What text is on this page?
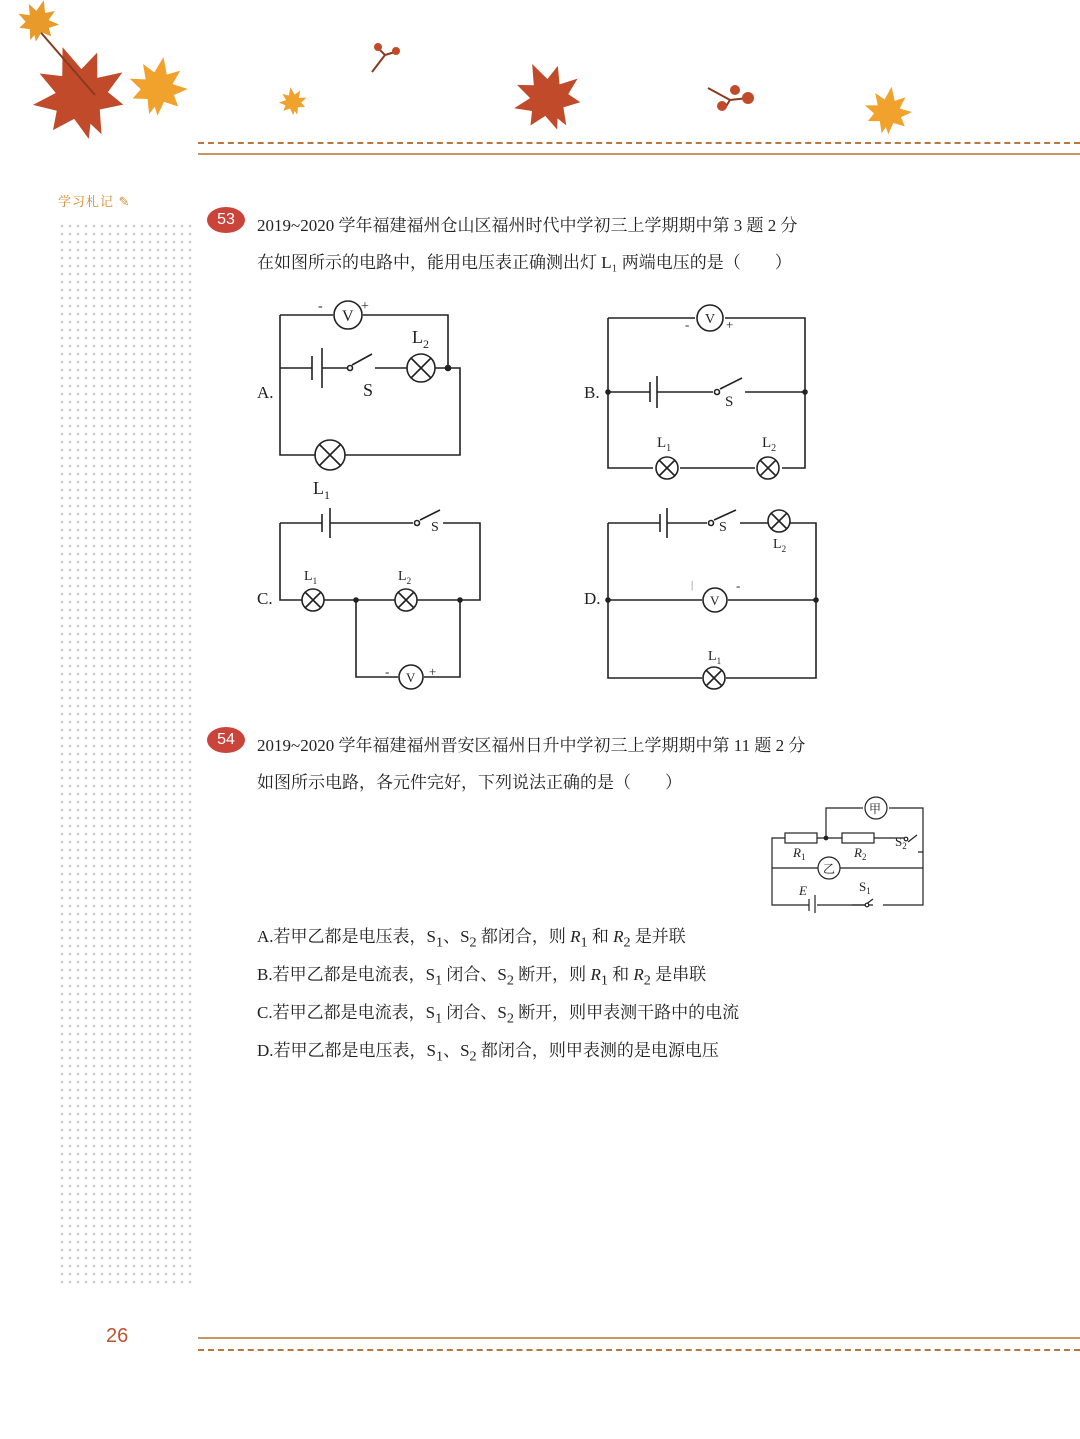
学习札记 ✎
53	2019~2020 学年福建福州仓山区福州时代中学初三上学期期中第 3 题 2 分
在如图所示的电路中，能用电压表正确测出灯 L₁ 两端电压的是（　　）
A.
V
-	+
S
$L_2$
$L_1$
B.
V
-	+
S
$L_1$	$L_2$
C.
V
-	+
S
$L_1$	$L_2$
D.	V
-
|
S
$L_1$
$L_2$
54	2019~2020 学年福建福州晋安区福州日升中学初三上学期期中第 11 题 2 分
如图所示电路，各元件完好，下列说法正确的是（　　）
甲
乙
$R_1$	$R_2$
$S_2$
$S_1$
E
A.若甲乙都是电压表，$S_1$、$S_2$ 都闭合，则 $R_1$ 和 $R_2$ 是并联
B.若甲乙都是电流表，$S_1$ 闭合、$S_2$ 断开，则 $R_1$ 和 $R_2$ 是串联
C.若甲乙都是电流表，$S_1$ 闭合、$S_2$ 断开，则甲表测干路中的电流
D.若甲乙都是电压表，$S_1$、$S_2$ 都闭合，则甲表测的是电源电压
26
